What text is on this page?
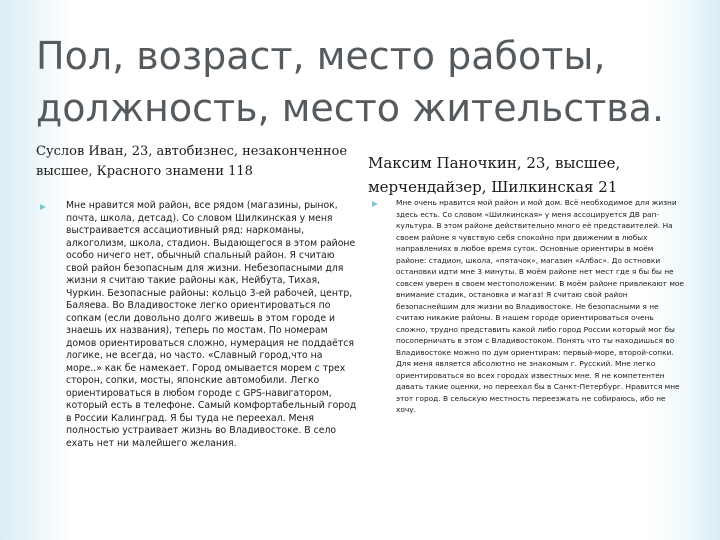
Пол, возраст, место работы, должность, место жительства.
Суслов Иван, 23, автобизнес, незаконченное высшее, Красного знамени 118

Мне нравится мой район, все рядом (магазины, рынок, почта, школа, детсад). Со словом Шилкинская у меня выстраивается ассациотивный ряд: наркоманы, алкоголизм, школа, стадион. Выдающегося в этом районе особо ничего нет, обычный спальный район. Я считаю свой район безопасным для жизни. Небезопасными для жизни я считаю такие районы как, Нейбута, Тихая, Чуркин. Безопасные районы: кольцо 3-ей рабочей, центр, Баляева. Во Владивостоке легко ориентироваться по сопкам (если довольно долго живешь в этом городе и знаешь их названия), теперь по мостам. По номерам домов ориентироваться сложно, нумерация не поддаётся логике, не всегда, но часто. «Славный город,что на море..» как бе намекает. Город омывается морем с трех сторон, сопки, мосты, японские автомобили. Легко ориентироваться в любом городе с GPS-навигатором, который есть в телефоне. Самый комфортабельный город в России Калинград. Я бы туда не переехал. Меня полностью устраивает жизнь во Владивостоке. В село ехать нет ни малейшего желания.

Максим Паночкин, 23, высшее, мерчендайзер, Шилкинская 21

Мне очень нравится мой район и мой дом. Всё необходимое для жизни здесь есть. Со словом «Шилкинская» у меня ассоцируется ДВ рап-культура. В этом районе действительно много её представителей. На своем районе я чувствую себя спокойно при движении в любых направлениях в любое время суток. Основные ориентиры в моём районе: стадион, школа, «пятачок», магазин «Албас». До остновки остановки идти мне 3 минуты. В моём районе нет мест где я бы бы не совсем уверен в своем местоположении. В моём районе привлекают мое внимание стадик, остановка и магаз! Я считаю свой район безопаснейшим для жизни во Владивостоке. Не безопасными я не считаю никакие районы. В нашем городе ориентироваться очень сложно, трудно представить какой либо город России который мог бы посоперничать в этом с Владивостоком. Понять что ты находишься во Владивостоке можно по дум ориентирам: первый-море, второй-сопки. Для меня является абсолютно не знакомым г. Русский. Мне легко ориентироваться во всех городах известных мне. Я не компетентен давать такие оценки, но переехал бы в Санкт-Петербург. Нравится мне этот город. В сельскую местность переезжать не собираюсь, ибо не хочу.
